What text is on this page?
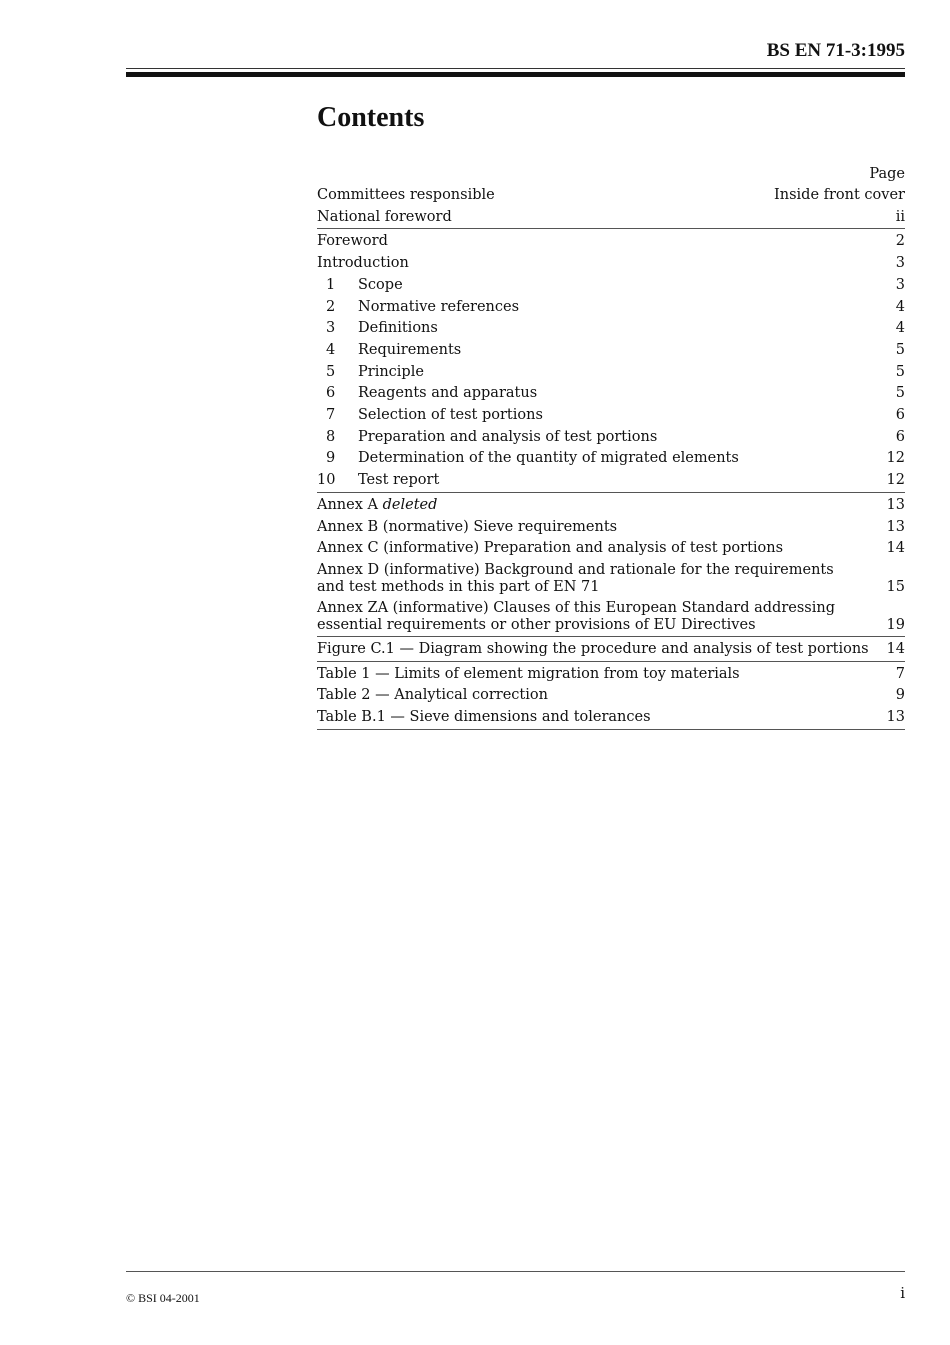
BS EN 71-3:1995
Contents
Page
Committees responsible	Inside front cover
National foreword	ii
Foreword	2
Introduction	3
1 Scope	3
2 Normative references	4
3 Definitions	4
4 Requirements	5
5 Principle	5
6 Reagents and apparatus	5
7 Selection of test portions	6
8 Preparation and analysis of test portions	6
9 Determination of the quantity of migrated elements	12
10 Test report	12
Annex A deleted	13
Annex B (normative) Sieve requirements	13
Annex C (informative) Preparation and analysis of test portions	14
Annex D (informative) Background and rationale for the requirements
and test methods in this part of EN 71	15
Annex ZA (informative) Clauses of this European Standard addressing
essential requirements or other provisions of EU Directives	19
Figure C.1 — Diagram showing the procedure and analysis of test portions	14
Table 1 — Limits of element migration from toy materials	7
Table 2 — Analytical correction	9
Table B.1 — Sieve dimensions and tolerances	13
© BSI 04-2001	i
